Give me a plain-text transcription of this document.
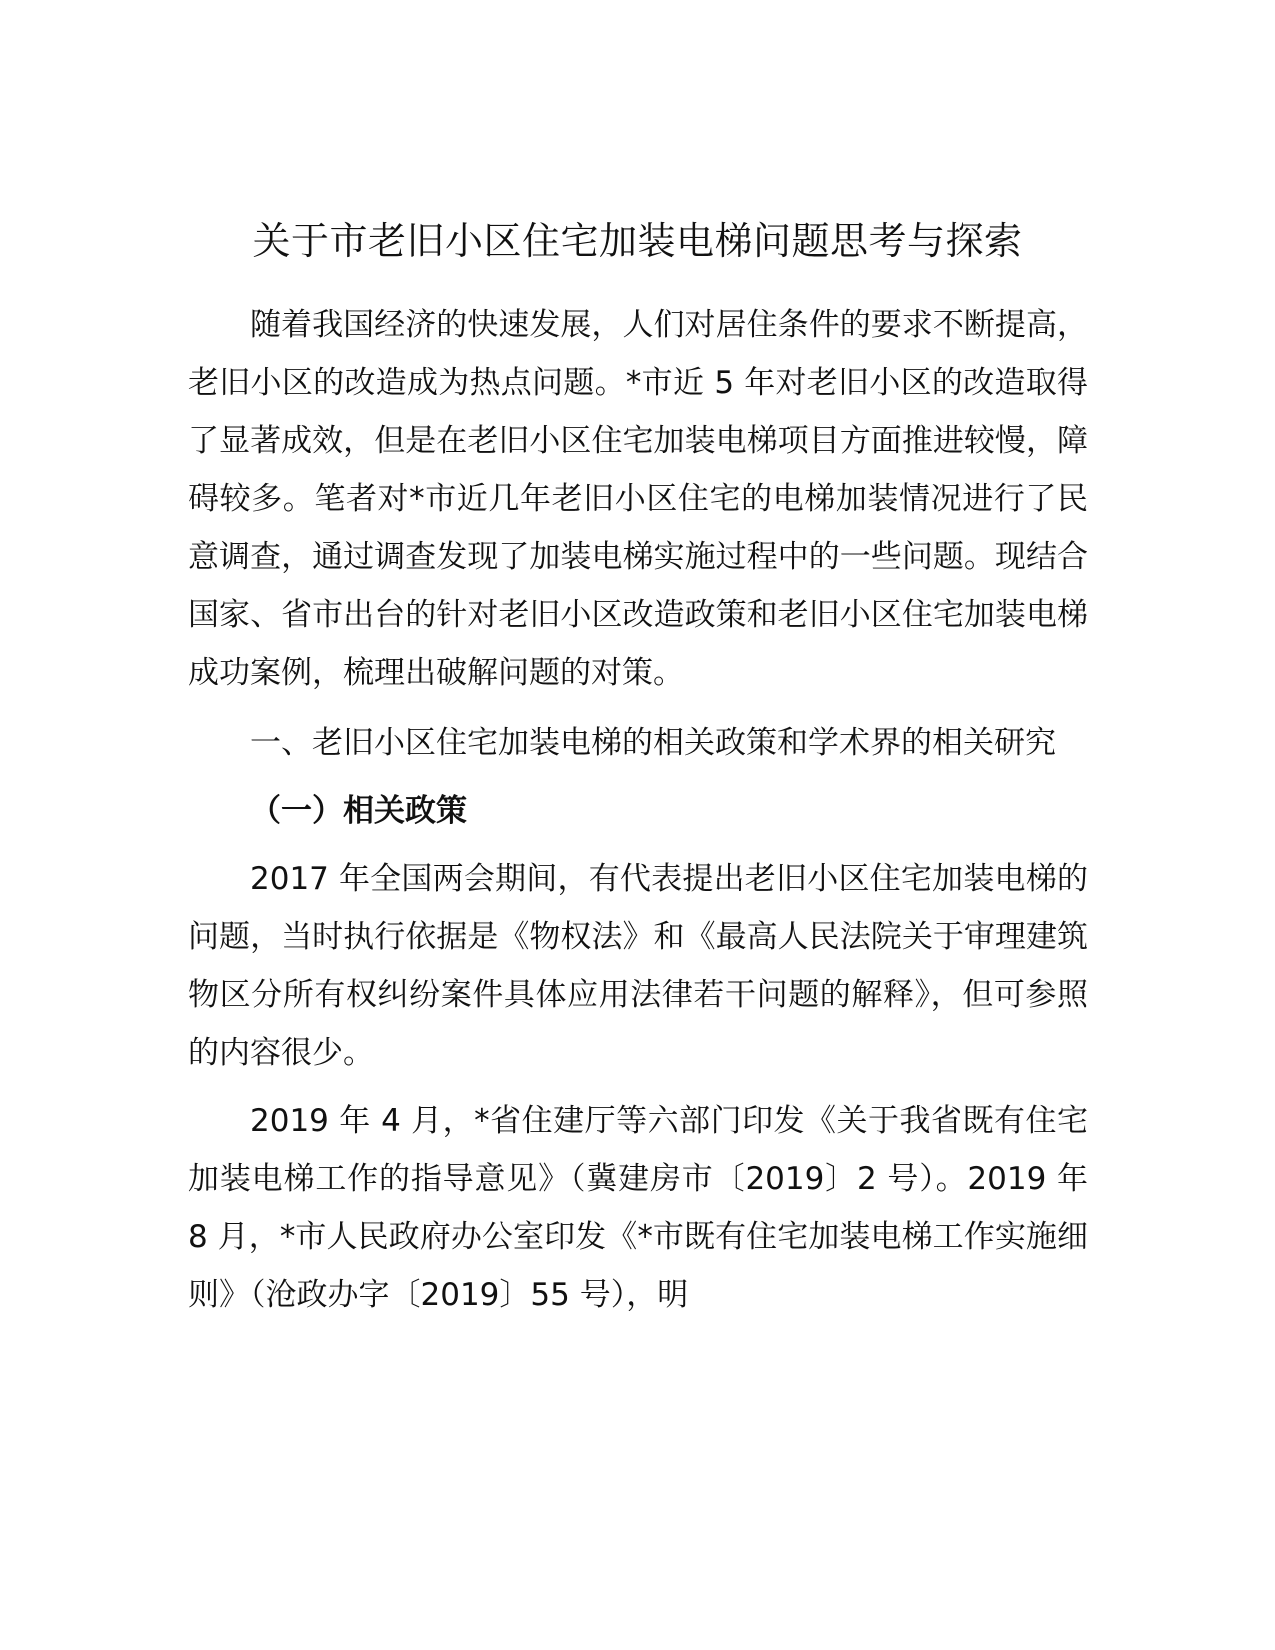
关于市老旧小区住宅加装电梯问题思考与探索

随着我国经济的快速发展，人们对居住条件的要求不断提高，老旧小区的改造成为热点问题。*市近 5 年对老旧小区的改造取得了显著成效，但是在老旧小区住宅加装电梯项目方面推进较慢，障碍较多。笔者对*市近几年老旧小区住宅的电梯加装情况进行了民意调查，通过调查发现了加装电梯实施过程中的一些问题。现结合国家、省市出台的针对老旧小区改造政策和老旧小区住宅加装电梯成功案例，梳理出破解问题的对策。

一、老旧小区住宅加装电梯的相关政策和学术界的相关研究

（一）相关政策

2017 年全国两会期间，有代表提出老旧小区住宅加装电梯的问题，当时执行依据是《物权法》和《最高人民法院关于审理建筑物区分所有权纠纷案件具体应用法律若干问题的解释》，但可参照的内容很少。

2019 年 4 月，*省住建厅等六部门印发《关于我省既有住宅加装电梯工作的指导意见》（冀建房市〔2019〕2 号）。2019 年 8 月，*市人民政府办公室印发《*市既有住宅加装电梯工作实施细则》（沧政办字〔2019〕55 号），明
